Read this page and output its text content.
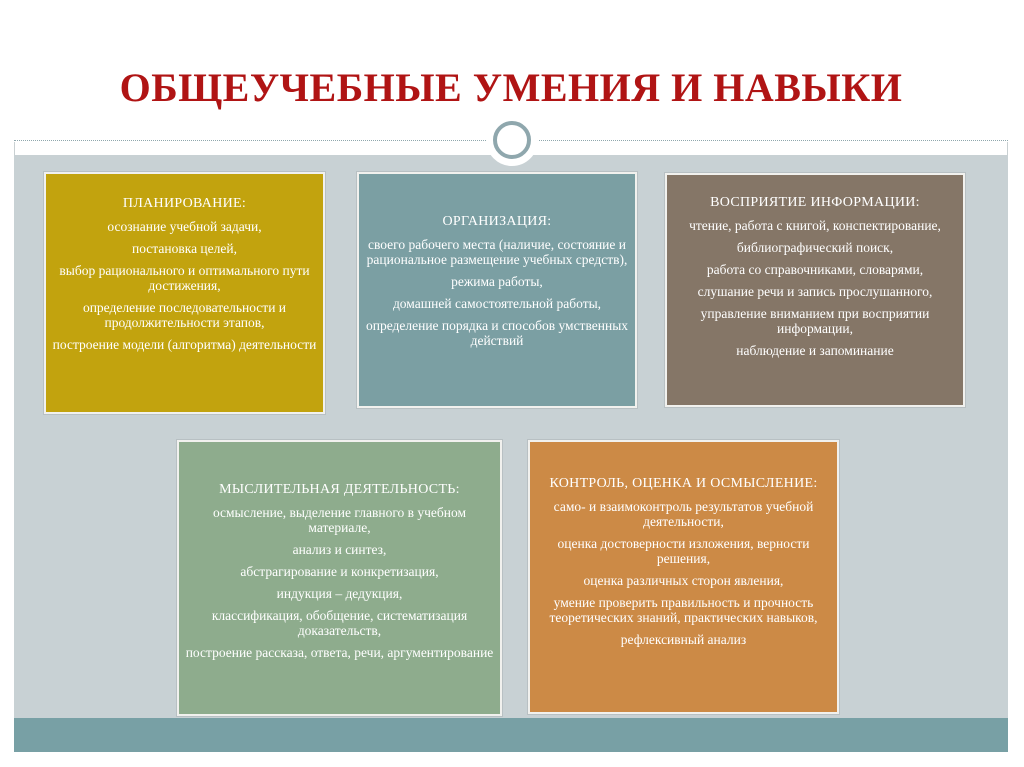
ОБЩЕУЧЕБНЫЕ УМЕНИЯ И НАВЫКИ
ПЛАНИРОВАНИЕ:
осознание учебной задачи,
постановка целей,
выбор рационального и оптимального пути достижения,
определение последовательности и продолжительности этапов,
построение модели (алгоритма) деятельности
ОРГАНИЗАЦИЯ:
своего рабочего места (наличие, состояние и рациональное размещение учебных средств),
режима работы,
домашней самостоятельной работы,
определение порядка и способов умственных действий
ВОСПРИЯТИЕ ИНФОРМАЦИИ:
чтение, работа с книгой, конспектирование,
библиографический поиск,
работа со справочниками, словарями,
слушание речи и запись прослушанного,
управление вниманием при восприятии информации,
наблюдение и запоминание
МЫСЛИТЕЛЬНАЯ ДЕЯТЕЛЬНОСТЬ:
осмысление, выделение главного в учебном материале,
анализ и синтез,
абстрагирование и конкретизация,
индукция – дедукция,
классификация, обобщение, систематизация доказательств,
построение рассказа, ответа, речи, аргументирование
КОНТРОЛЬ, ОЦЕНКА И ОСМЫСЛЕНИЕ:
само- и взаимоконтроль результатов учебной деятельности,
оценка достоверности изложения, верности решения,
оценка различных сторон явления,
умение проверить правильность и прочность теоретических знаний, практических навыков,
рефлексивный анализ
